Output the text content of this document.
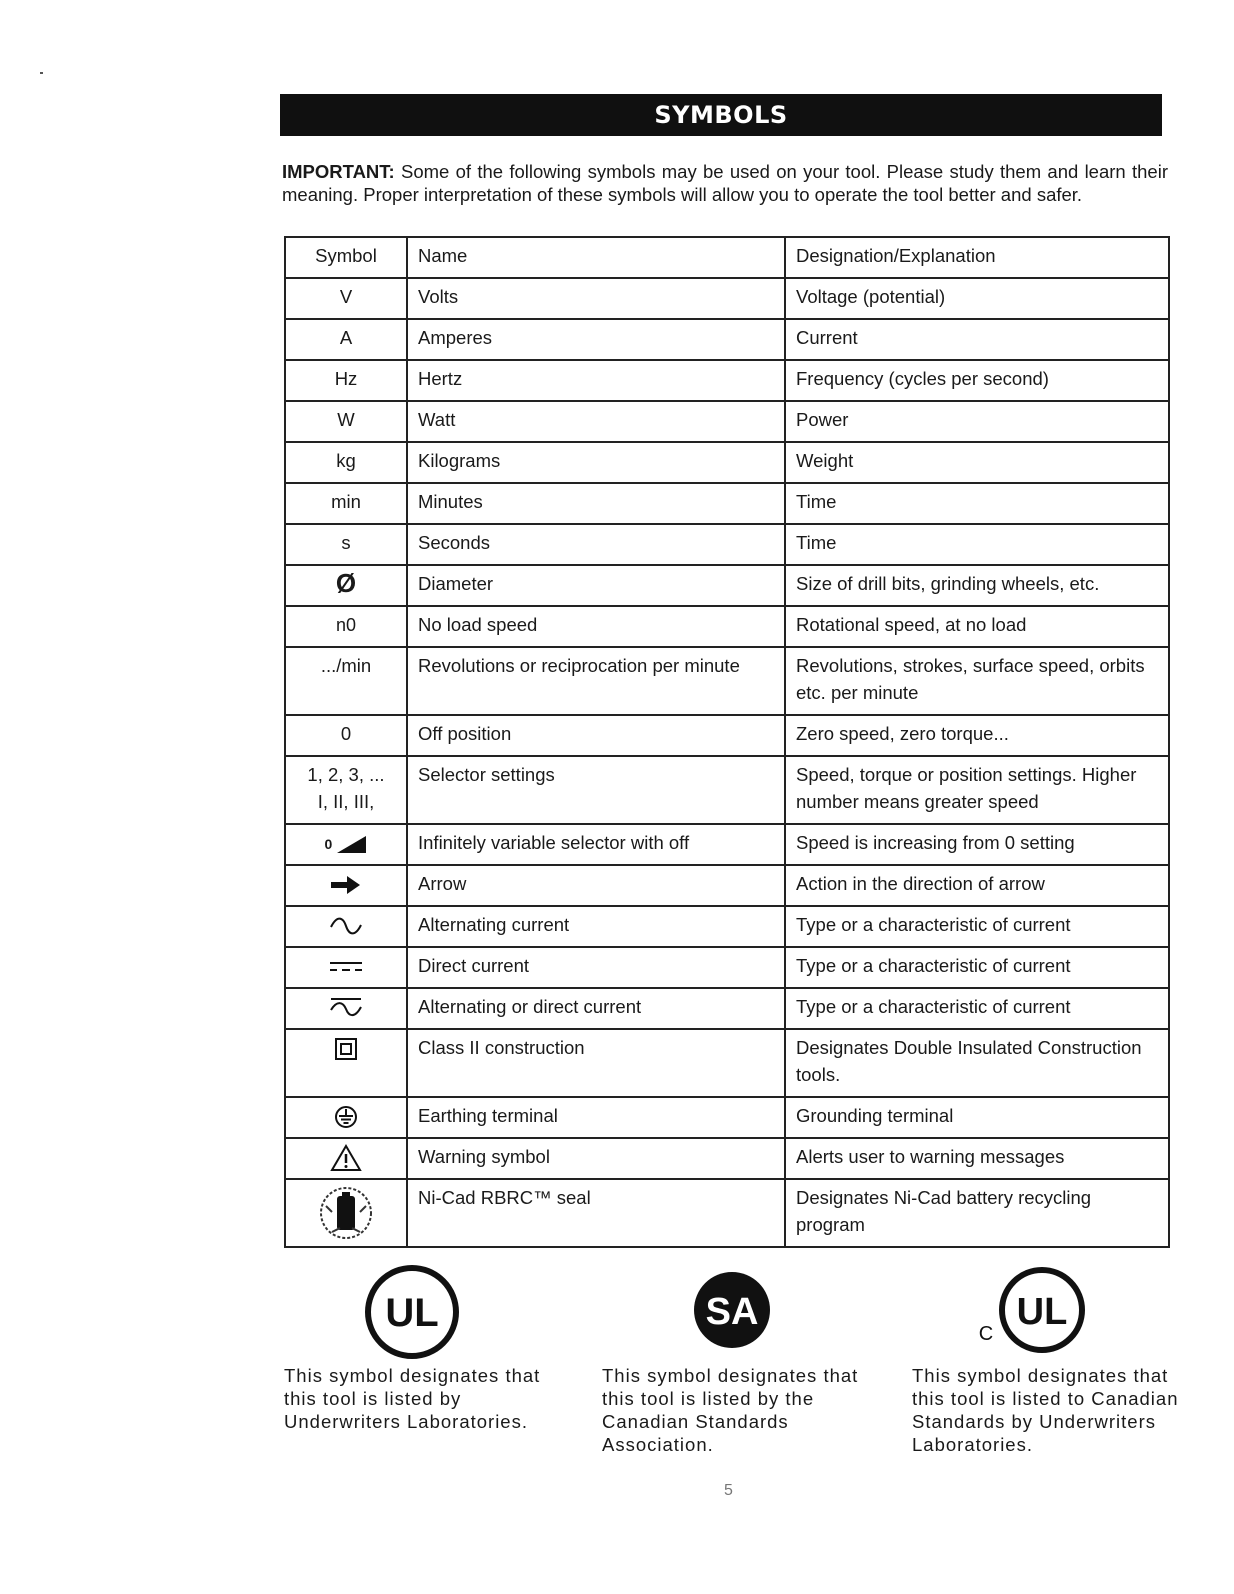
SYMBOLS
IMPORTANT: Some of the following symbols may be used on your tool. Please study them and learn their meaning. Proper interpretation of these symbols will allow you to operate the tool better and safer.
Symbol	Name	Designation/Explanation
V	Volts	Voltage (potential)
A	Amperes	Current
Hz	Hertz	Frequency (cycles per second)
W	Watt	Power
kg	Kilograms	Weight
min	Minutes	Time
s	Seconds	Time
Ø	Diameter	Size of drill bits, grinding wheels, etc.
n0	No load speed	Rotational speed, at no load
.../min	Revolutions or reciprocation per minute	Revolutions, strokes, surface speed, orbits etc. per minute
0	Off position	Zero speed, zero torque...

1, 2, 3, ...
I, II, III,	Selector settings	Speed, torque or position settings. Higher number means greater speed
0	Infinitely variable selector with off	Speed is increasing from 0 setting
	Arrow	Action in the direction of arrow
	Alternating current	Type or a characteristic of current
	Direct current	Type or a characteristic of current
	Alternating or direct current	Type or a characteristic of current
	Class II construction	Designates Double Insulated Construction tools.
	Earthing terminal	Grounding terminal
	Warning symbol	Alerts user to warning messages
	Ni-Cad RBRC™ seal	Designates Ni-Cad battery recycling program
UL

This symbol designates that this tool is listed by Underwriters Laboratories.

SA

This symbol designates that this tool is listed by the Canadian Standards Association.

C
UL

This symbol designates that this tool is listed to Canadian Standards by Underwriters Laboratories.

5
